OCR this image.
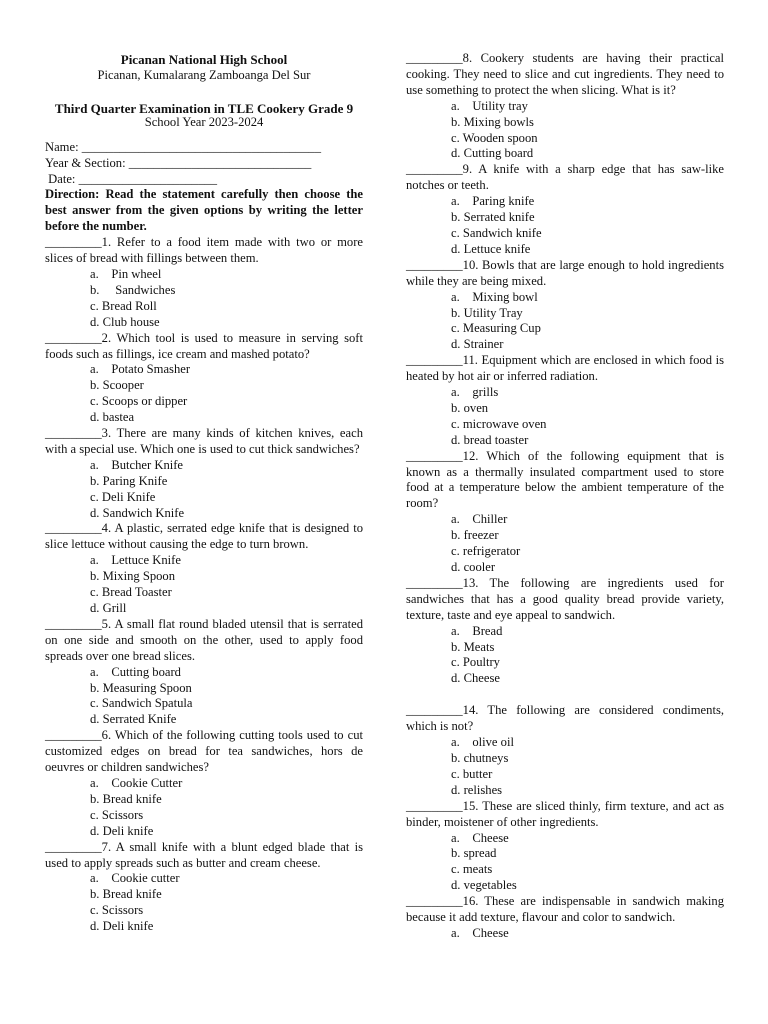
Picanan National High School
Picanan, Kumalarang Zamboanga Del Sur
Third Quarter Examination in TLE Cookery Grade 9
School Year 2023-2024
Name: ______________________________________
Year & Section: _____________________________
Date: ______________________
Direction: Read the statement carefully then choose the best answer from the given options by writing the letter before the number.
_________1. Refer to a food item made with two or more slices of bread with fillings between them.
a.    Pin wheel
b.     Sandwiches
c. Bread Roll
d. Club house
_________2. Which tool is used to measure in serving soft foods such as fillings, ice cream and mashed potato?
a.    Potato Smasher
b. Scooper
c. Scoops or dipper
d. bastea
_________3. There are many kinds of kitchen knives, each with a special use. Which one is used to cut thick sandwiches?
a.    Butcher Knife
b. Paring Knife
c. Deli Knife
d. Sandwich Knife
_________4. A plastic, serrated edge knife that is designed to slice lettuce without causing the edge to turn brown.
a.    Lettuce Knife
b. Mixing Spoon
c. Bread Toaster
d. Grill
_________5. A small flat round bladed utensil that is serrated on one side and smooth on the other, used to apply food spreads over one bread slices.
a.    Cutting board
b. Measuring Spoon
c. Sandwich Spatula
d. Serrated Knife
_________6. Which of the following cutting tools used to cut customized edges on bread for tea sandwiches, hors de oeuvres or children sandwiches?
a.    Cookie Cutter
b. Bread knife
c. Scissors
d. Deli knife
_________7. A small knife with a blunt edged blade that is used to apply spreads such as butter and cream cheese.
a.    Cookie cutter
b. Bread knife
c. Scissors
d. Deli knife
_________8. Cookery students are having their practical cooking. They need to slice and cut ingredients. They need to use something to protect the when slicing. What is it?
a.    Utility tray
b. Mixing bowls
c. Wooden spoon
d. Cutting board
_________9. A knife with a sharp edge that has saw-like notches or teeth.
a.    Paring knife
b. Serrated knife
c. Sandwich knife
d. Lettuce knife
_________10. Bowls that are large enough to hold ingredients while they are being mixed.
a.    Mixing bowl
b. Utility Tray
c. Measuring Cup
d. Strainer
_________11. Equipment which are enclosed in which food is heated by hot air or inferred radiation.
a.    grills
b. oven
c. microwave oven
d. bread toaster
_________12. Which of the following equipment that is known as a thermally insulated compartment used to store food at a temperature below the ambient temperature of the room?
a.    Chiller
b. freezer
c. refrigerator
d. cooler
_________13. The following are ingredients used for sandwiches that has a good quality bread provide variety, texture, taste and eye appeal to sandwich.
a.    Bread
b. Meats
c. Poultry
d. Cheese
_________14. The following are considered condiments, which is not?
a.    olive oil
b. chutneys
c. butter
d. relishes
_________15. These are sliced thinly, firm texture, and act as binder, moistener of other ingredients.
a.    Cheese
b. spread
c. meats
d. vegetables
_________16. These are indispensable in sandwich making because it add texture, flavour and color to sandwich.
a.    Cheese
